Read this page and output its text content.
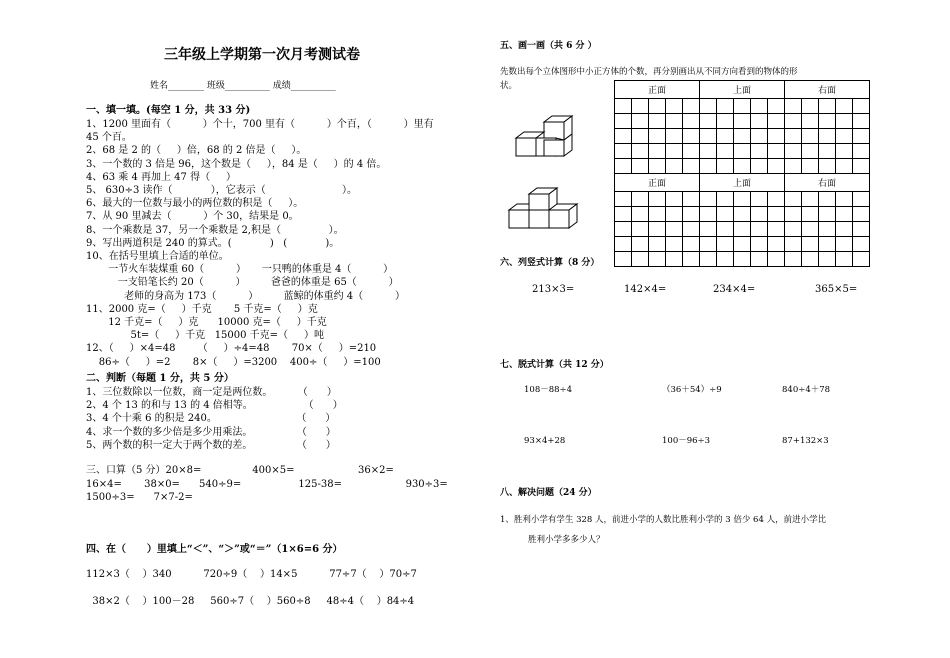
三年级上学期第一次月考测试卷
姓名________ 班级__________ 成绩__________
一、填一填。(每空 1 分，共 33 分)
1、1200 里面有（          ）个十，700 里有（          ）个百，（          ）里有
45 个百。
2、68 是 2 的（     ）倍，68 的 2 倍是（     ）。
3、一个数的 3 倍是 96，这个数是（     ），84 是（     ）的 4 倍。
4、63 乘 4 再加上 47 得（     ）
5、 630÷3 读作（            ），它表示（                        ）。
6、最大的一位数与最小的两位数的积是（     ）。
7、从 90 里减去（          ）个 30，结果是 0。
8、一个乘数是 37，另一个乘数是 2,积是（               ）。
9、写出两道积是 240 的算式。(            )   (            )。
10、在括号里填上合适的单位。
一节火车装煤重 60（          ）     一只鸭的体重是 4（          ）
一支铅笔长约 20（          ）        爸爸的体重是 65（          ）
老师的身高为 173（          ）        蓝鲸的体重约 4（          ）
11、2000 克=（     ）千克       5 千克=（     ）克
12 千克=（     ）克      10000 克=（     ）千克
5t=（     ）千克   15000 千克=（     ）吨
12、（     ）×4=48       （     ）÷4=48       70×（     ）=210
86÷（     ）=2       8×（     ）=3200    400÷（     ）=100
二、判断（每题 1 分，共 5 分）
1、三位数除以一位数，商一定是两位数。        （      ）
2、4 个 13 的和与 13 的 4 倍相等。                （      ）
3、4 个十乘 6 的积是 240。                         （      ）
4、求一个数的多少倍是多少用乘法。              （      ）
5、两个数的积一定大于两个数的差。              （      ）
三、口算（5 分）20×8=                400×5=                    36×2=
16×4=       38×0=      540÷9=                  125-38=                    930÷3=
1500÷3=      7×7-2=
四、在（      ）里填上“＜”、“＞”或“＝”（1×6=6 分）
112×3（    ）340          720÷9（    ）14×5          77÷7（    ）70÷7
38×2（    ）100－28     560÷7（    ）560÷8     48÷4（    ）84÷4
五、画一画（共 6 分 ）
先数出每个立体图形中小正方体的个数，再分别画出从不同方向看到的物体的形
状。	正面					上面					右面				

正面					上面					右面				

六、列竖式计算（8 分）
213×3=	142×4=	234×4=	365×5=
七、脱式计算（共 12 分）
108－88÷4	（36＋54）÷9	840÷4＋78
93×4+28	100－96÷3	87+132×3
八、解决问题（24 分）
1、胜利小学有学生 328 人，前进小学的人数比胜利小学的 3 倍少 64 人，前进小学比
胜利小学多多少人？
